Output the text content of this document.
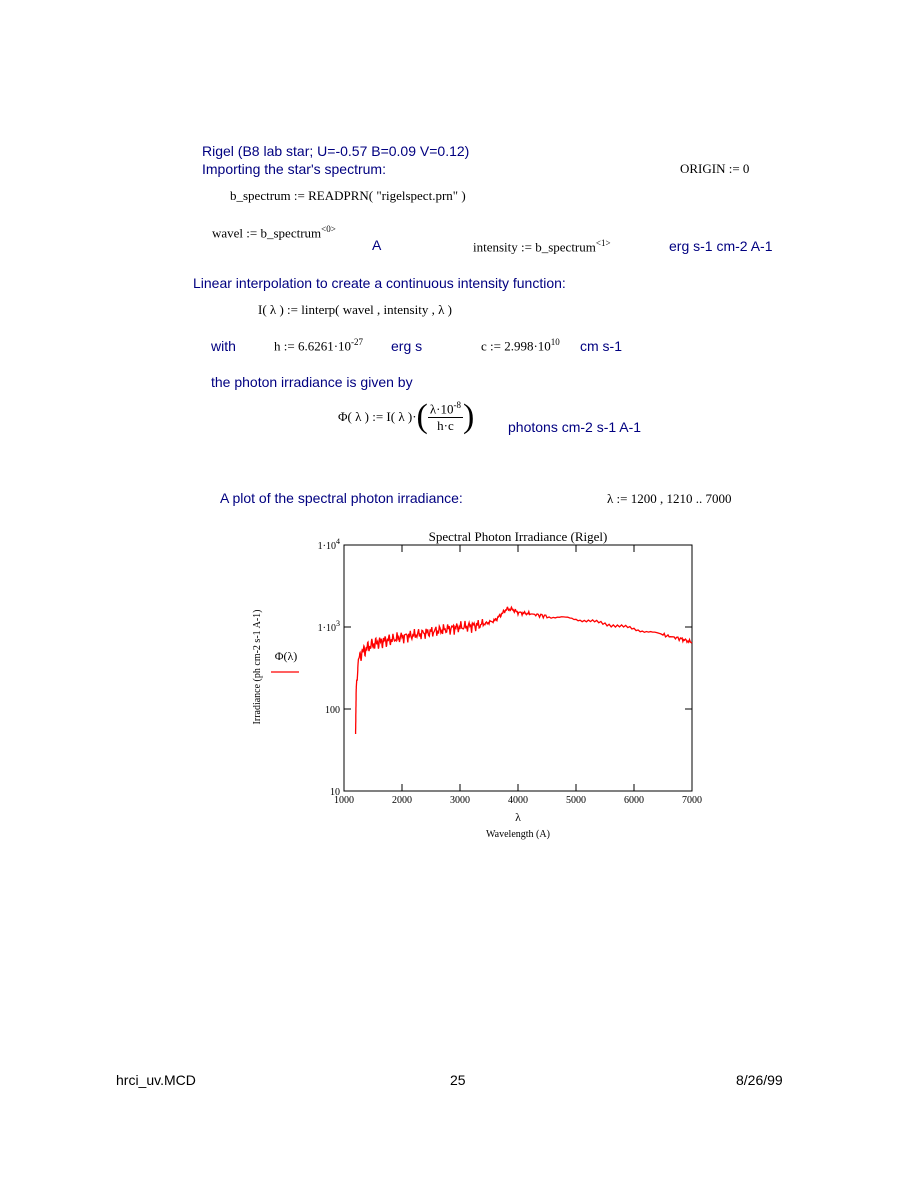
Rigel (B8 lab star; U=-0.57 B=0.09 V=0.12)
Importing the star's spectrum:	ORIGIN := 0
b_spectrum := READPRN( "rigelspect.prn" )
wavel := b_spectrum$^{<0>}$
A	intensity := b_spectrum$^{<1>}$	erg s-1 cm-2 A-1
Linear interpolation to create a continuous intensity function:
I( λ ) := linterp( wavel , intensity , λ )
with	h := $6.6261\cdot 10^{-27}$ erg s	c := $2.998\cdot 10^{10}$ cm s-1
the photon irradiance is given by
Φ( λ ) := I( λ )·( $\frac{\lambda\cdot 10^{-8}}{h\cdot c}$ ) photons cm-2 s-1 A-1
A plot of the spectral photon irradiance:	λ := 1200 , 1210 .. 7000
Spectral Photon Irradiance (Rigel)
1000	2000	3000	4000	5000	6000	7000
$1\cdot 10^4$
$1\cdot 10^3$
100
10
λ
Wavelength (A)
Irradiance (ph cm-2 s-1 A-1) Φ(λ)
hrci_uv.MCD	25	8/26/99
